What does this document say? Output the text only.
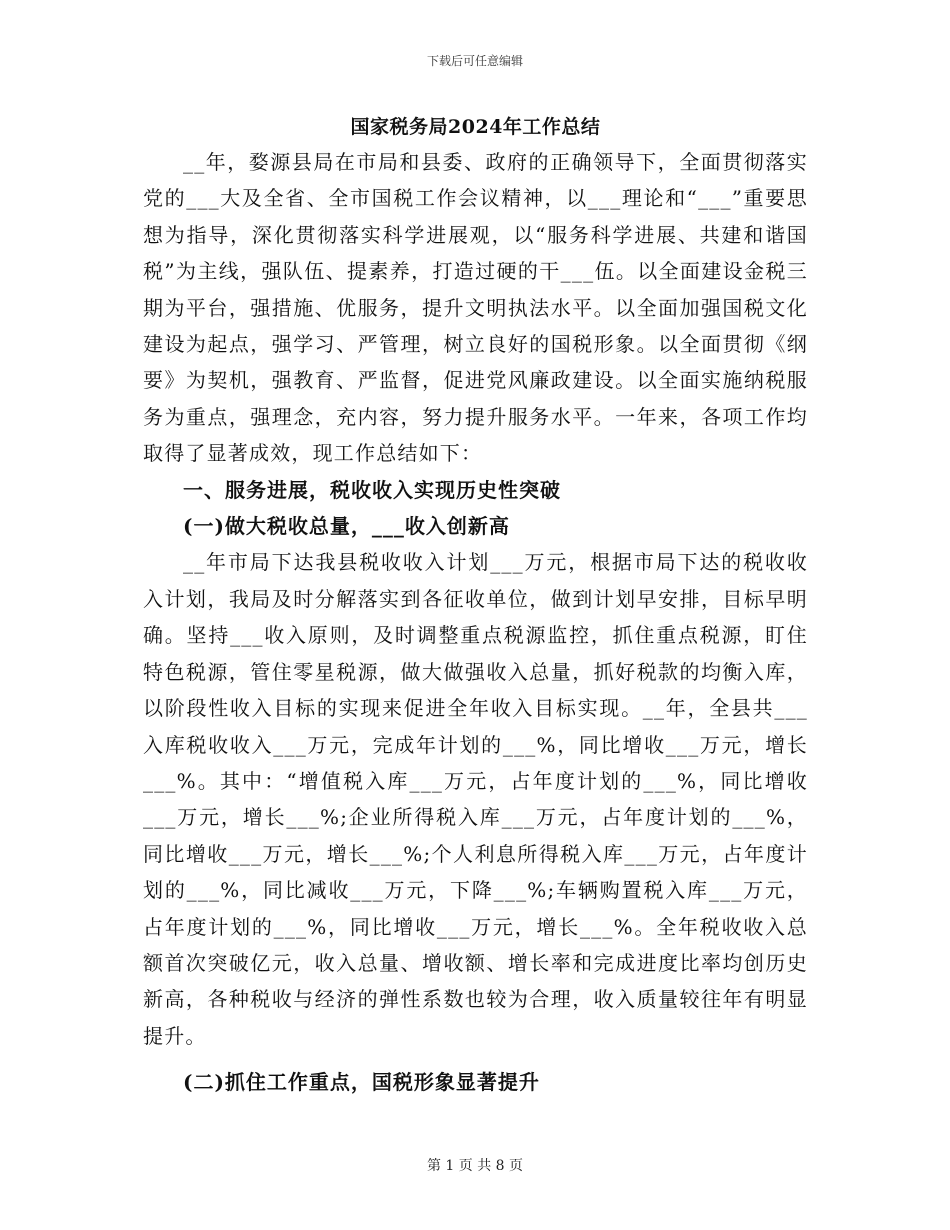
下载后可任意编辑
国家税务局2024年工作总结

__年，婺源县局在市局和县委、政府的正确领导下，全面贯彻落实党的___大及全省、全市国税工作会议精神，以___理论和“___”重要思想为指导，深化贯彻落实科学进展观，以“服务科学进展、共建和谐国税”为主线，强队伍、提素养，打造过硬的干___伍。以全面建设金税三期为平台，强措施、优服务，提升文明执法水平。以全面加强国税文化建设为起点，强学习、严管理，树立良好的国税形象。以全面贯彻《纲要》为契机，强教育、严监督，促进党风廉政建设。以全面实施纳税服务为重点，强理念，充内容，努力提升服务水平。一年来，各项工作均取得了显著成效，现工作总结如下：

一、服务进展，税收收入实现历史性突破

(一)做大税收总量，___收入创新高

__年市局下达我县税收收入计划___万元，根据市局下达的税收收入计划，我局及时分解落实到各征收单位，做到计划早安排，目标早明确。坚持___收入原则，及时调整重点税源监控，抓住重点税源，盯住特色税源，管住零星税源，做大做强收入总量，抓好税款的均衡入库，以阶段性收入目标的实现来促进全年收入目标实现。__年，全县共___入库税收收入___万元，完成年计划的___%，同比增收___万元，增长___%。其中：“增值税入库___万元，占年度计划的___%，同比增收___万元，增长___%;企业所得税入库___万元，占年度计划的___%，同比增收___万元，增长___%;个人利息所得税入库___万元，占年度计划的___%，同比减收___万元，下降___%;车辆购置税入库___万元，占年度计划的___%，同比增收___万元，增长___%。全年税收收入总额首次突破亿元，收入总量、增收额、增长率和完成进度比率均创历史新高，各种税收与经济的弹性系数也较为合理，收入质量较往年有明显提升。

(二)抓住工作重点，国税形象显著提升

第 1 页 共 8 页
